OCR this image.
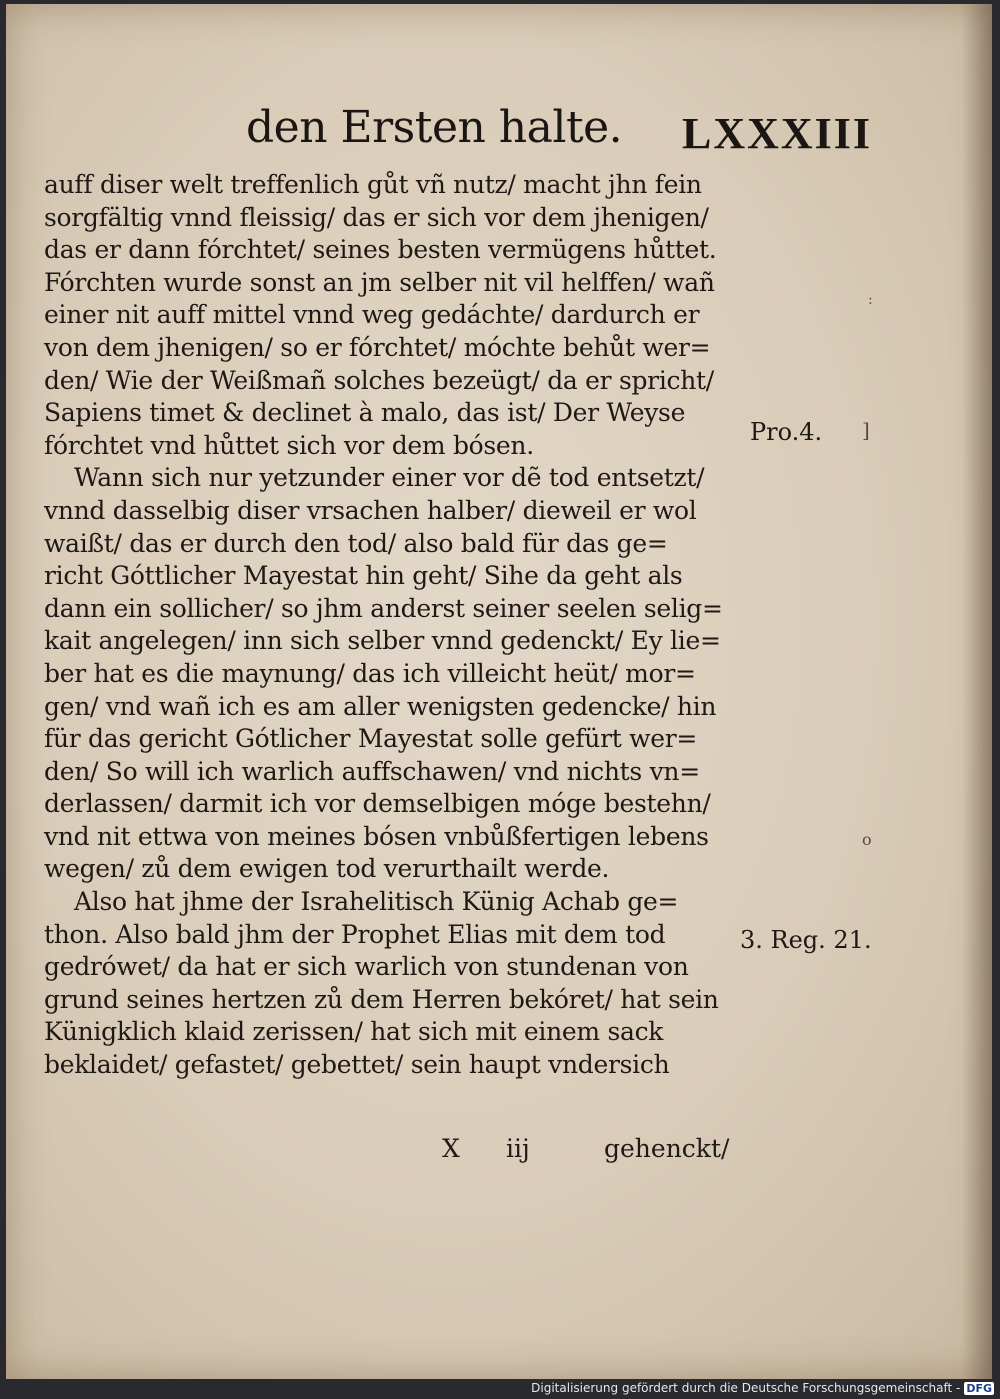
den Ersten halte. LXXXIII
auff diser welt treffenlich gůt vñ nutz/ macht jhn fein
sorgfältig vnnd fleissig/ das er sich vor dem jhenigen/
das er dann fórchtet/ seines besten vermügens hůttet.
Fórchten wurde sonst an jm selber nit vil helffen/ wañ
einer nit auff mittel vnnd weg gedáchte/ dardurch er
von dem jhenigen/ so er fórchtet/ móchte behůt wer=
den/ Wie der Weißmañ solches bezeügt/ da er spricht/
Sapiens timet & declinet à malo, das ist/ Der Weyse
fórchtet vnd hůttet sich vor dem bósen.
Wann sich nur yetzunder einer vor dẽ tod entsetzt/
vnnd dasselbig diser vrsachen halber/ dieweil er wol
waißt/ das er durch den tod/ also bald für das ge=
richt Góttlicher Mayestat hin geht/ Sihe da geht als
dann ein sollicher/ so jhm anderst seiner seelen selig=
kait angelegen/ inn sich selber vnnd gedenckt/ Ey lie=
ber hat es die maynung/ das ich villeicht heüt/ mor=
gen/ vnd wañ ich es am aller wenigsten gedencke/ hin
für das gericht Gótlicher Mayestat solle gefürt wer=
den/ So will ich warlich auffschawen/ vnd nichts vn=
derlassen/ darmit ich vor demselbigen móge bestehn/
vnd nit ettwa von meines bósen vnbůßfertigen lebens
wegen/ zů dem ewigen tod verurthailt werde.
Also hat jhme der Israhelitisch Künig Achab ge=
thon. Also bald jhm der Prophet Elias mit dem tod
gedrówet/ da hat er sich warlich von stundenan von
grund seines hertzen zů dem Herren bekóret/ hat sein
Künigklich klaid zerissen/ hat sich mit einem sack
beklaidet/ gefastet/ gebettet/ sein haupt vndersich
X iij	gehenckt/
Pro.4.
3. Reg. 21.
]
:
o
Digitalisierung gefördert durch die Deutsche Forschungsgemeinschaft - DFG
